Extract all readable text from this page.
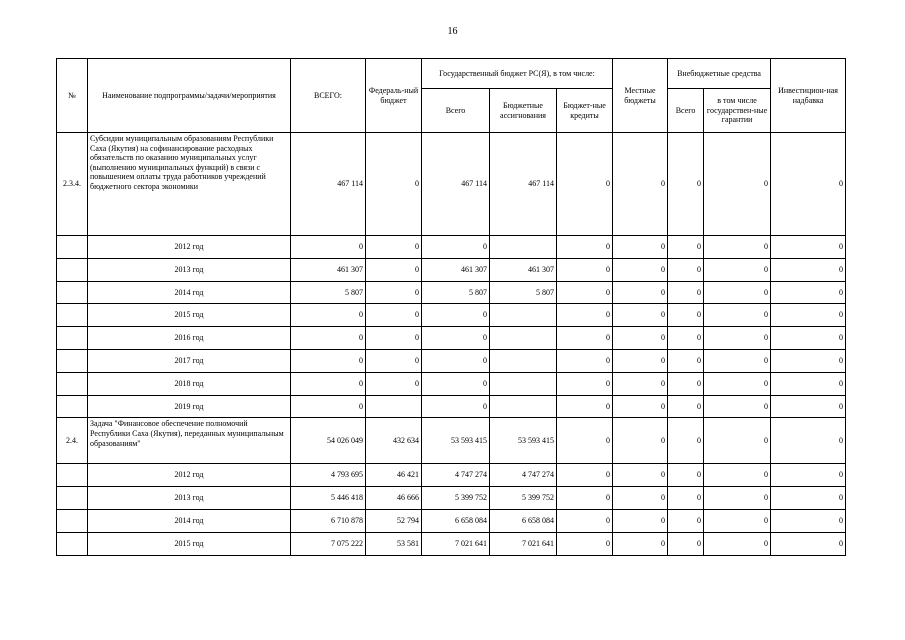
16
№	Наименование подпрограммы/задачи/мероприятия	ВСЕГО:	Федераль-ный бюджет	Государственный бюджет РС(Я), в том числе:			Местные бюджеты	Внебюджетные средства		Инвестицион-ная надбавка
				Всего	Бюджетные ассигнования	Бюджет-ные кредиты		Всего	в том числе государствен-ные гарантии	
2.3.4.	Субсидии муниципальным образованиям Республики Саха (Якутия) на софинансирование расходных обязательств по оказанию муниципальных услуг (выполнению муниципальных функций) в связи с повышением оплаты труда работников учреждений бюджетного сектора экономики	467 114	0	467 114	467 114	0	0	0	0	0
	2012 год	0	0	0		0	0	0	0	0
	2013 год	461 307	0	461 307	461 307	0	0	0	0	0
	2014 год	5 807	0	5 807	5 807	0	0	0	0	0
	2015 год	0	0	0		0	0	0	0	0
	2016 год	0	0	0		0	0	0	0	0
	2017 год	0	0	0		0	0	0	0	0
	2018 год	0	0	0		0	0	0	0	0
	2019 год	0		0		0	0	0	0	0
2.4.	Задача "Финансовое обеспечение полномочий Республики Саха (Якутия), переданных муниципальным образованиям"	54 026 049	432 634	53 593 415	53 593 415	0	0	0	0	0
	2012 год	4 793 695	46 421	4 747 274	4 747 274	0	0	0	0	0
	2013 год	5 446 418	46 666	5 399 752	5 399 752	0	0	0	0	0
	2014 год	6 710 878	52 794	6 658 084	6 658 084	0	0	0	0	0
	2015 год	7 075 222	53 581	7 021 641	7 021 641	0	0	0	0	0
